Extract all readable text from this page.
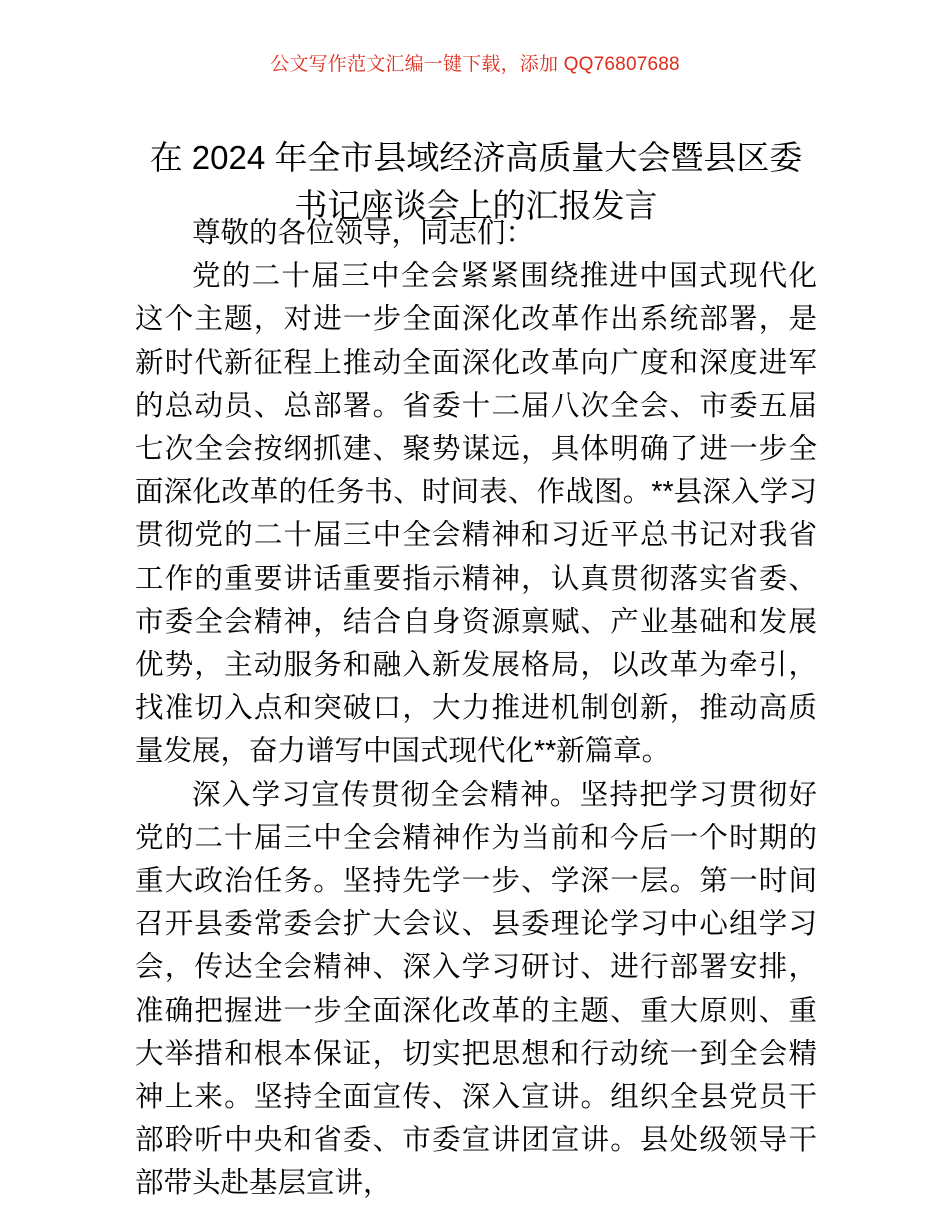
公文写作范文汇编一键下载，添加 QQ76807688
在 2024 年全市县域经济高质量大会暨县区委书记座谈会上的汇报发言

尊敬的各位领导，同志们：

党的二十届三中全会紧紧围绕推进中国式现代化这个主题，对进一步全面深化改革作出系统部署，是新时代新征程上推动全面深化改革向广度和深度进军的总动员、总部署。省委十二届八次全会、市委五届七次全会按纲抓建、聚势谋远，具体明确了进一步全面深化改革的任务书、时间表、作战图。**县深入学习贯彻党的二十届三中全会精神和习近平总书记对我省工作的重要讲话重要指示精神，认真贯彻落实省委、市委全会精神，结合自身资源禀赋、产业基础和发展优势，主动服务和融入新发展格局，以改革为牵引，找准切入点和突破口，大力推进机制创新，推动高质量发展，奋力谱写中国式现代化**新篇章。

深入学习宣传贯彻全会精神。坚持把学习贯彻好党的二十届三中全会精神作为当前和今后一个时期的重大政治任务。坚持先学一步、学深一层。第一时间召开县委常委会扩大会议、县委理论学习中心组学习会，传达全会精神、深入学习研讨、进行部署安排，准确把握进一步全面深化改革的主题、重大原则、重大举措和根本保证，切实把思想和行动统一到全会精神上来。坚持全面宣传、深入宣讲。组织全县党员干部聆听中央和省委、市委宣讲团宣讲。县处级领导干部带头赴基层宣讲，
